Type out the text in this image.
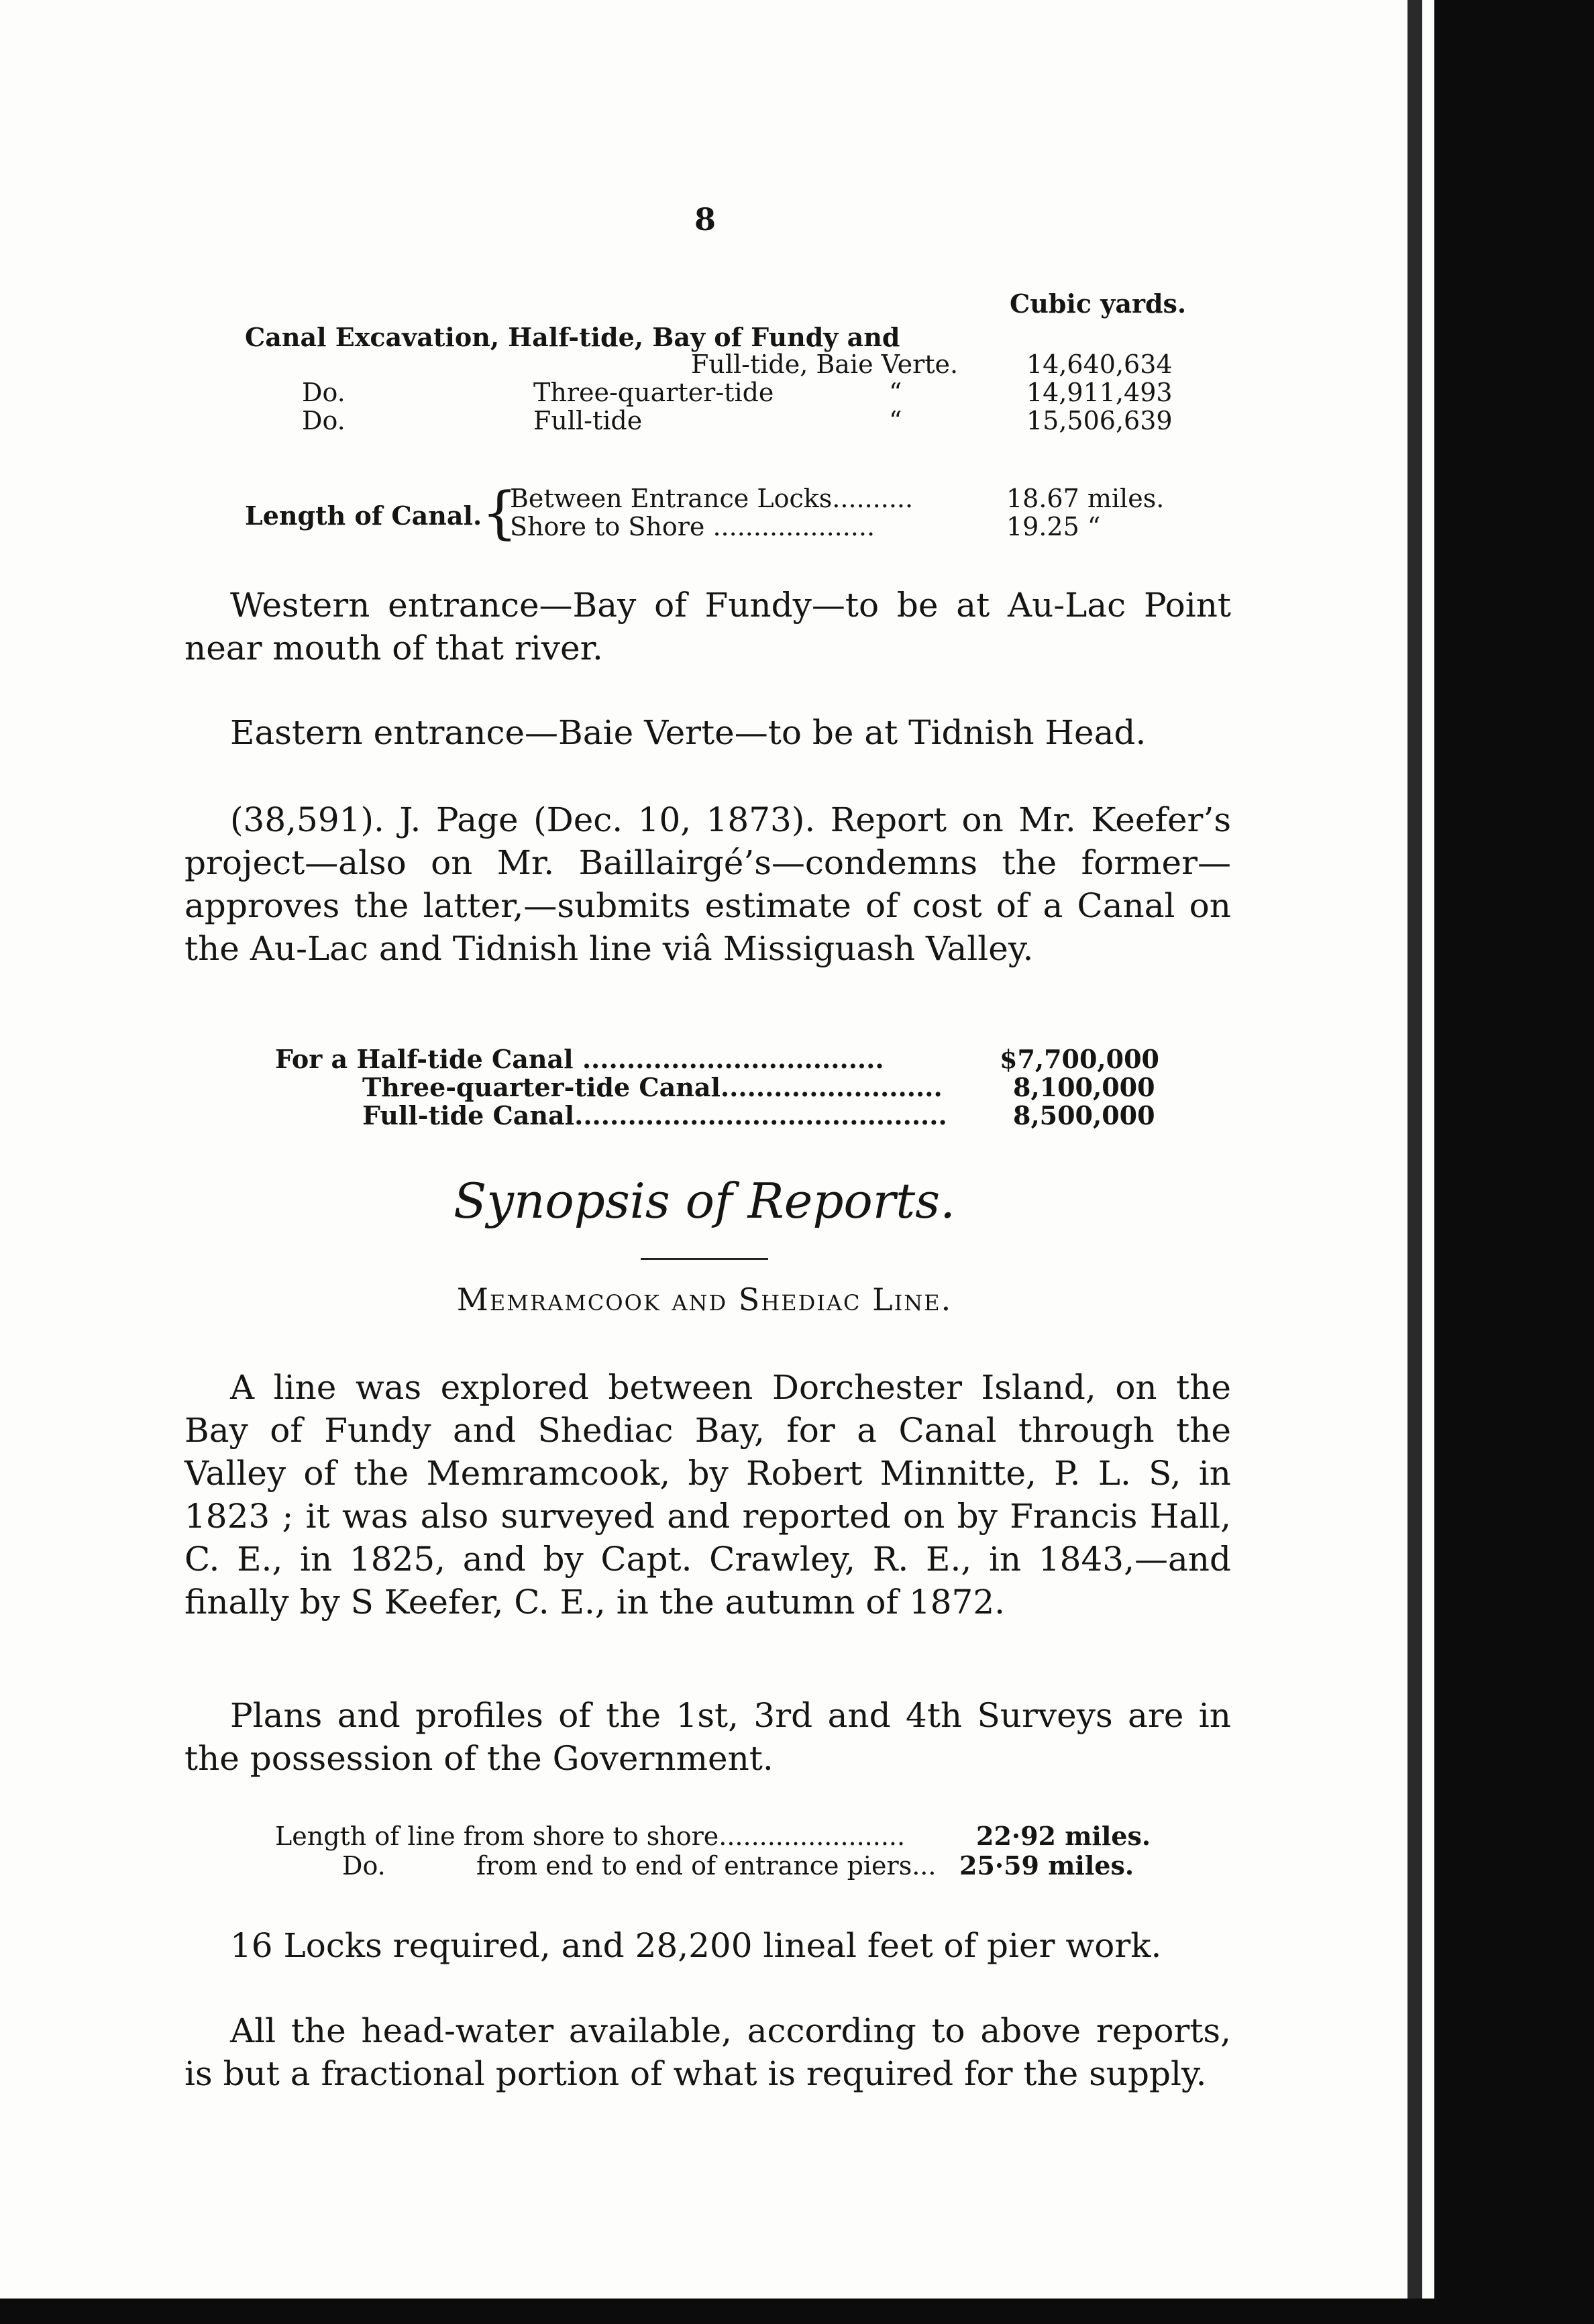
8
Cubic yards.
Canal Excavation, Half-tide, Bay of Fundy and
Full-tide, Baie Verte.	14,640,634
Do.	Three-quarter-tide	“	14,911,493
Do.	Full-tide	“	15,506,639
Length of Canal. {
Between Entrance Locks..........	18.67 miles.
Shore to Shore ....................	19.25 “
Western entrance—Bay of Fundy—to be at Au-Lac Point near mouth of that river.
Eastern entrance—Baie Verte—to be at Tidnish Head.
(38,591). J. Page (Dec. 10, 1873). Report on Mr. Keefer’s project—also on Mr. Baillairgé’s—condemns the former—approves the latter,—submits estimate of cost of a Canal on the Au-Lac and Tidnish line viâ Missiguash Valley.
For a Half-tide Canal ..................................	$7,700,000
Three-quarter-tide Canal.........................	8,100,000
Full-tide Canal..........................................	8,500,000
Synopsis of Reports.
Memramcook and Shediac Line.
A line was explored between Dorchester Island, on the Bay of Fundy and Shediac Bay, for a Canal through the Valley of the Memramcook, by Robert Minnitte, P. L. S, in 1823 ; it was also surveyed and reported on by Francis Hall, C. E., in 1825, and by Capt. Crawley, R. E., in 1843,—and finally by S Keefer, C. E., in the autumn of 1872.
Plans and profiles of the 1st, 3rd and 4th Surveys are in the possession of the Government.
Length of line from shore to shore.......................	22·92 miles.
Do.	from end to end of entrance piers... 25·59 miles.
16 Locks required, and 28,200 lineal feet of pier work.
All the head-water available, according to above reports, is but a fractional portion of what is required for the supply.
